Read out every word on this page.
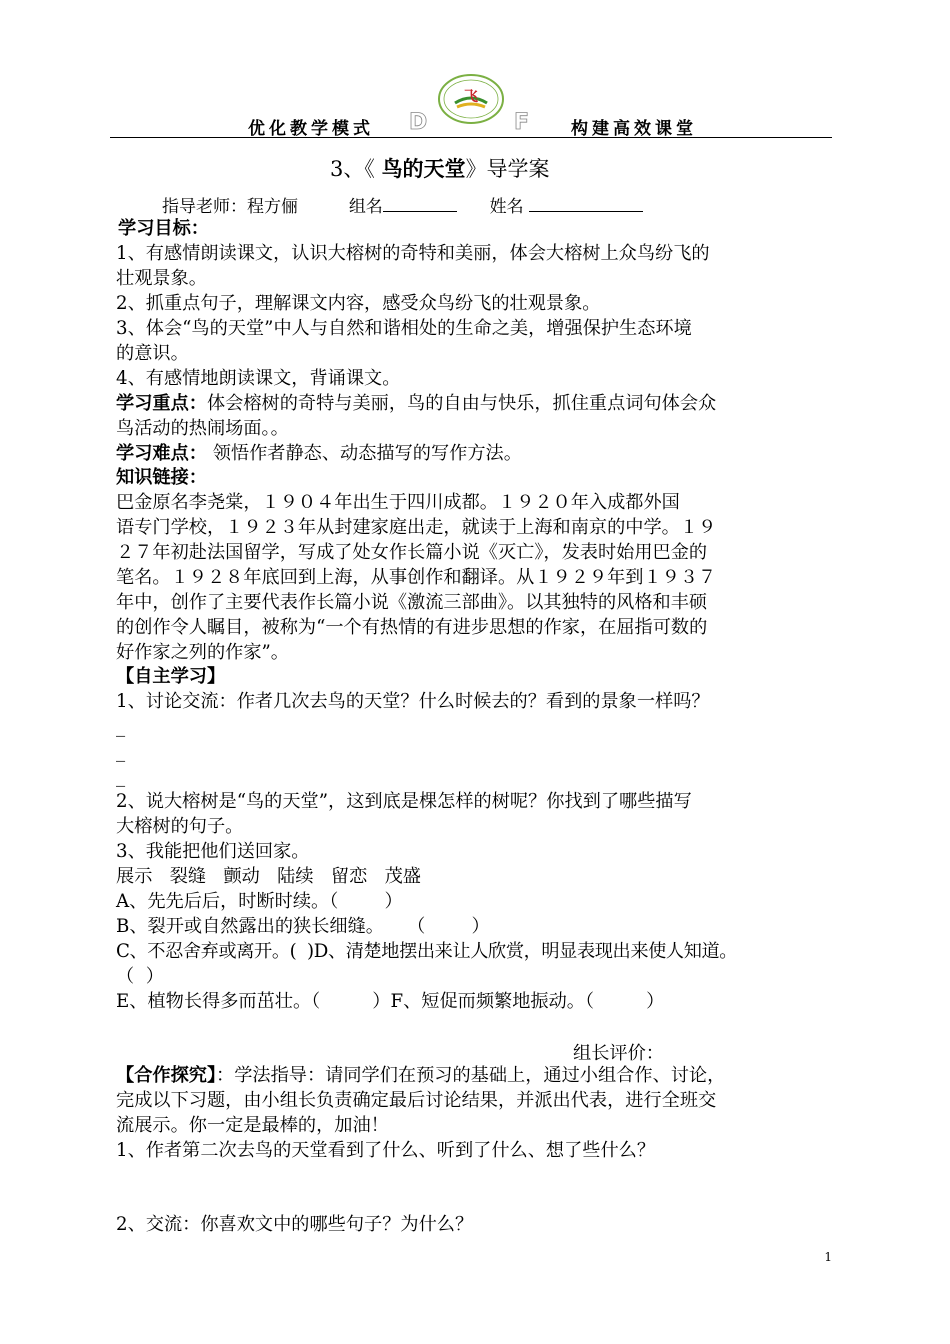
优化教学模式 D	F 构建高效课堂
飞
3、《 鸟的天堂》导学案
指导老师：程方俪	组名	姓名
学习目标：
1、有感情朗读课文，认识大榕树的奇特和美丽，体会大榕树上众鸟纷飞的
壮观景象。
2、抓重点句子，理解课文内容，感受众鸟纷飞的壮观景象。
3、体会“鸟的天堂”中人与自然和谐相处的生命之美，增强保护生态环境
的意识。
4、有感情地朗读课文，背诵课文。
学习重点：体会榕树的奇特与美丽，鸟的自由与快乐，抓住重点词句体会众
鸟活动的热闹场面。。
学习难点： 领悟作者静态、动态描写的写作方法。
知识链接：
巴金原名李尧棠，１９０４年出生于四川成都。１９２０年入成都外国
语专门学校，１９２３年从封建家庭出走，就读于上海和南京的中学。１９
２７年初赴法国留学，写成了处女作长篇小说《灭亡》，发表时始用巴金的
笔名。１９２８年底回到上海，从事创作和翻译。从１９２９年到１９３７
年中，创作了主要代表作长篇小说《激流三部曲》。以其独特的风格和丰硕
的创作令人瞩目，被称为“一个有热情的有进步思想的作家，在屈指可数的
好作家之列的作家”。
【自主学习】
1、讨论交流：作者几次去鸟的天堂？什么时候去的？看到的景象一样吗？
_
_
_
2、说大榕树是“鸟的天堂”，这到底是棵怎样的树呢？你找到了哪些描写
大榕树的句子。
3、我能把他们送回家。
展示   裂缝   颤动   陆续   留恋   茂盛
A、先先后后，时断时续。（        ）
B、裂开或自然露出的狭长细缝。    （        ）
C、不忍舍弃或离开。(  )D、清楚地摆出来让人欣赏，明显表现出来使人知道。
（  ）
E、植物长得多而茁壮。（         ）F、短促而频繁地振动。（         ）
组长评价：
【合作探究】：学法指导：请同学们在预习的基础上，通过小组合作、讨论，
完成以下习题，由小组长负责确定最后讨论结果，并派出代表，进行全班交
流展示。你一定是最棒的，加油！
1、作者第二次去鸟的天堂看到了什么、听到了什么、想了些什么？
2、交流：你喜欢文中的哪些句子？为什么？
1
